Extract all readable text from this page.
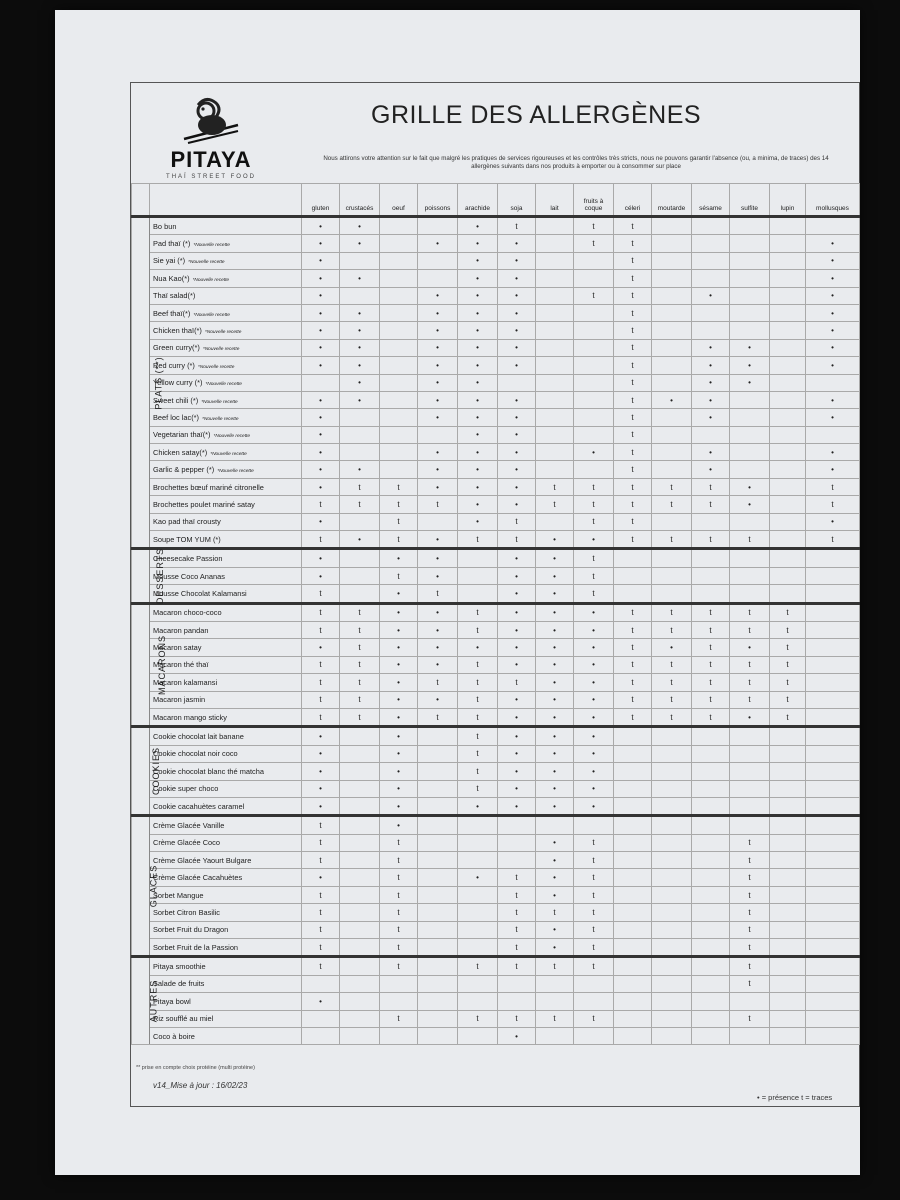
PITAYA
THAÏ STREET FOOD
GRILLE DES ALLERGÈNES
Nous attirons votre attention sur le fait que malgré les pratiques de services rigoureuses et les contrôles très stricts, nous ne pouvons garantir l'absence (ou, a minima, de traces) des 14 allergènes suivants dans nos produits à emporter ou à consommer sur place
		gluten	crustacés	oeuf	poissons	arachide	soja	lait	fruits à coque	céleri	moutarde	sésame	sulfite	lupin	mollusques
PLATS (**)	Bo bun	•	•			•	t		t	t					
	Pad thaï (*) *Nouvelle recette	•	•		•	•	•		t	t					•
	Sie yai (*) *Nouvelle recette	•				•	•			t					•
	Nua Kao(*) *Nouvelle recette	•	•			•	•			t					•
	Thaï salad(*)	•			•	•	•		t	t		•			•
	Beef thaï(*) *Nouvelle recette	•	•		•	•	•			t					•
	Chicken thaï(*) *Nouvelle recette	•	•		•	•	•			t					•
	Green curry(*) *Nouvelle recette	•	•		•	•	•			t		•	•		•
	Red curry (*) *Nouvelle recette	•	•		•	•	•			t		•	•		•
	Yellow curry (*) *Nouvelle recette		•		•	•				t		•	•		
	Sweet chili (*) *Nouvelle recette	•	•		•	•	•			t	•	•			•
	Beef loc lac(*) *Nouvelle recette	•			•	•	•			t		•			•
	Vegetarian thaï(*) *Nouvelle recette	•				•	•			t					
	Chicken satay(*) *Nouvelle recette	•			•	•	•		•	t		•			•
	Garlic & pepper (*) *Nouvelle recette	•	•		•	•	•			t		•			•
	Brochettes bœuf mariné citronelle	•	t	t	•	•	•	t	t	t	t	t	•		t
	Brochettes poulet mariné satay	t	t	t	t	•	•	t	t	t	t	t	•		t
	Kao pad thaï crousty	•		t		•	t		t	t					•
	Soupe TOM YUM (*)	t	•	t	•	t	t	•	•	t	t	t	t		t
DESSERTS	Cheesecake Passion	•		•	•		•	•	t						
	Mousse Coco Ananas	•		t	•		•	•	t						
	Mousse Chocolat Kalamansi	t		•	t		•	•	t						
MACARONS	Macaron choco-coco	t	t	•	•	t	•	•	•	t	t	t	t	t	
	Macaron pandan	t	t	•	•	t	•	•	•	t	t	t	t	t	
	Macaron satay	•	t	•	•	•	•	•	•	t	•	t	•	t	
	Macaron thé thaï	t	t	•	•	t	•	•	•	t	t	t	t	t	
	Macaron kalamansi	t	t	•	t	t	t	•	•	t	t	t	t	t	
	Macaron jasmin	t	t	•	•	t	•	•	•	t	t	t	t	t	
	Macaron mango sticky	t	t	•	t	t	•	•	•	t	t	t	•	t	
COOKIES	Cookie chocolat lait banane	•		•		t	•	•	•						
	Cookie chocolat noir coco	•		•		t	•	•	•						
	Cookie chocolat blanc thé matcha	•		•		t	•	•	•						
	Cookie super choco	•		•		t	•	•	•						
	Cookie cacahuètes caramel	•		•		•	•	•	•						
GLACES	Crème Glacée Vanille	t		•											
	Crème Glacée Coco	t		t				•	t				t		
	Crème Glacée Yaourt Bulgare	t		t				•	t				t		
	Crème Glacée Cacahuètes	•		t		•	t	•	t				t		
	Sorbet Mangue	t		t			t	•	t				t		
	Sorbet Citron Basilic	t		t			t	t	t				t		
	Sorbet Fruit du Dragon	t		t			t	•	t				t		
	Sorbet Fruit de la Passion	t		t			t	•	t				t		
AUTRES	Pitaya smoothie	t		t		t	t	t	t				t		
	Salade de fruits												t		
	Pitaya bowl	•													
	Riz soufflé au miel			t		t	t	t	t				t		
	Coco à boire						•								
** prise en compte choix protéine (multi protéine)
v14_Mise à jour : 16/02/23
• = présence t = traces
